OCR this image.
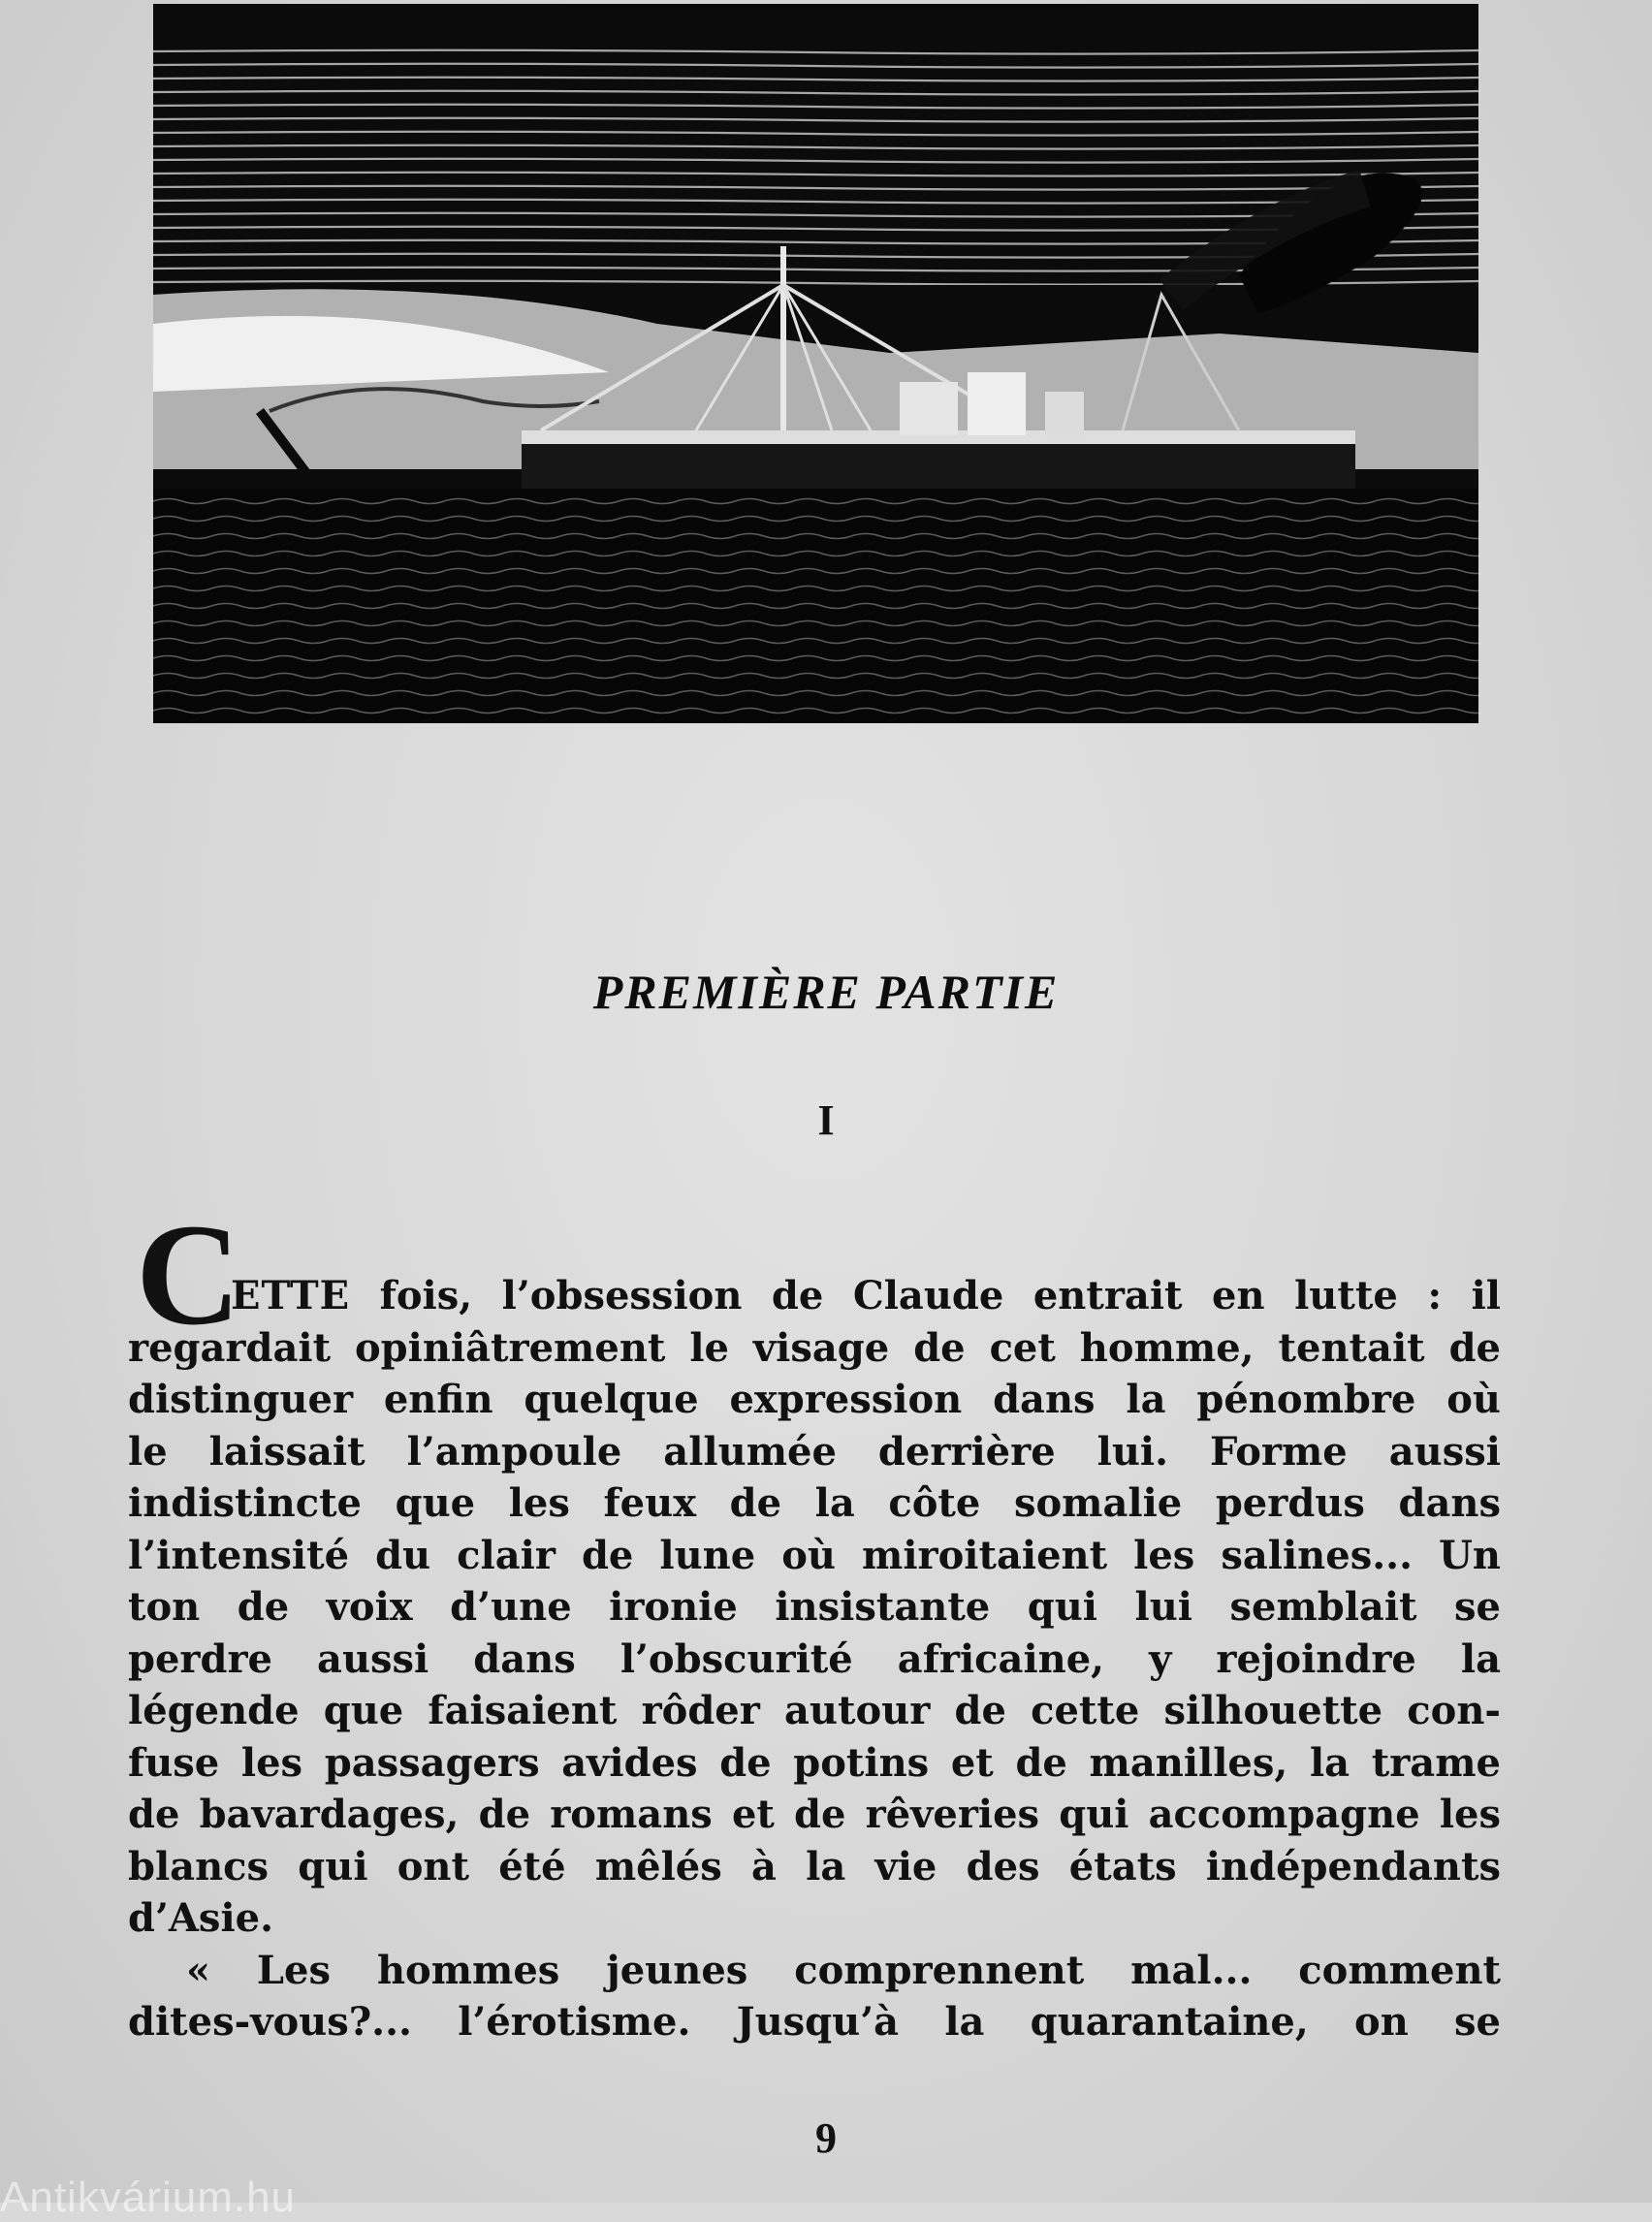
PREMIÈRE PARTIE
I
C
ETTE fois, l’obsession de Claude entrait en lutte : il
regardait opiniâtrement le visage de cet homme, tentait de
distinguer enfin quelque expression dans la pénombre où
le laissait l’ampoule allumée derrière lui. Forme aussi
indistincte que les feux de la côte somalie perdus dans
l’intensité du clair de lune où miroitaient les salines... Un
ton de voix d’une ironie insistante qui lui semblait se
perdre aussi dans l’obscurité africaine, y rejoindre la
légende que faisaient rôder autour de cette silhouette con-
fuse les passagers avides de potins et de manilles, la trame
de bavardages, de romans et de rêveries qui accompagne les
blancs qui ont été mêlés à la vie des états indépendants
d’Asie.
« Les hommes jeunes comprennent mal... comment
dites-vous?... l’érotisme. Jusqu’à la quarantaine, on se
9
Antikvárium.hu
